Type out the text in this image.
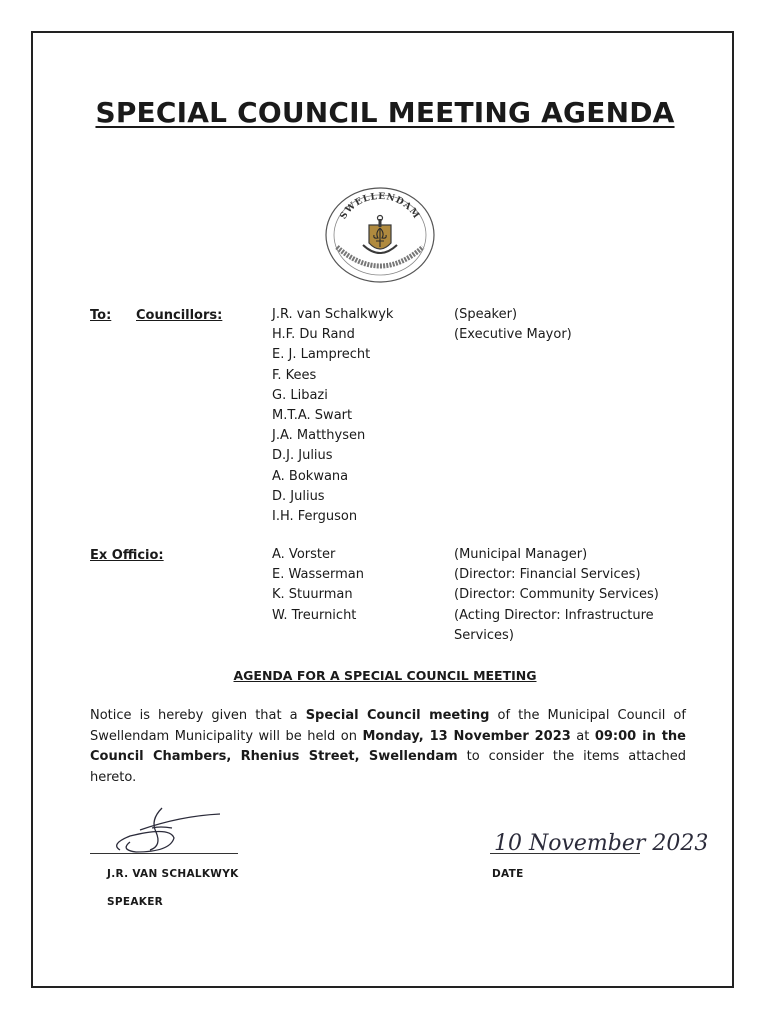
SPECIAL COUNCIL MEETING AGENDA
SWELLENDAM
To: Councillors:	J.R. van Schalkwyk
H.F. Du Rand
E. J. Lamprecht
F. Kees
G. Libazi
M.T.A. Swart
J.A. Matthysen
D.J. Julius
A. Bokwana
D. Julius
I.H. Ferguson
(Speaker)
(Executive Mayor)
Ex Officio:	A. Vorster
E. Wasserman
K. Stuurman
W. Treurnicht
(Municipal Manager)
(Director: Financial Services)
(Director: Community Services)
(Acting Director: Infrastructure
Services)
AGENDA FOR A SPECIAL COUNCIL MEETING
Notice is hereby given that a Special Council meeting of the Municipal Council of Swellendam Municipality will be held on Monday, 13 November 2023 at 09:00 in the Council Chambers, Rhenius Street, Swellendam to consider the items attached hereto.
J.R. VAN SCHALKWYK
SPEAKER
10 November 2023
DATE
